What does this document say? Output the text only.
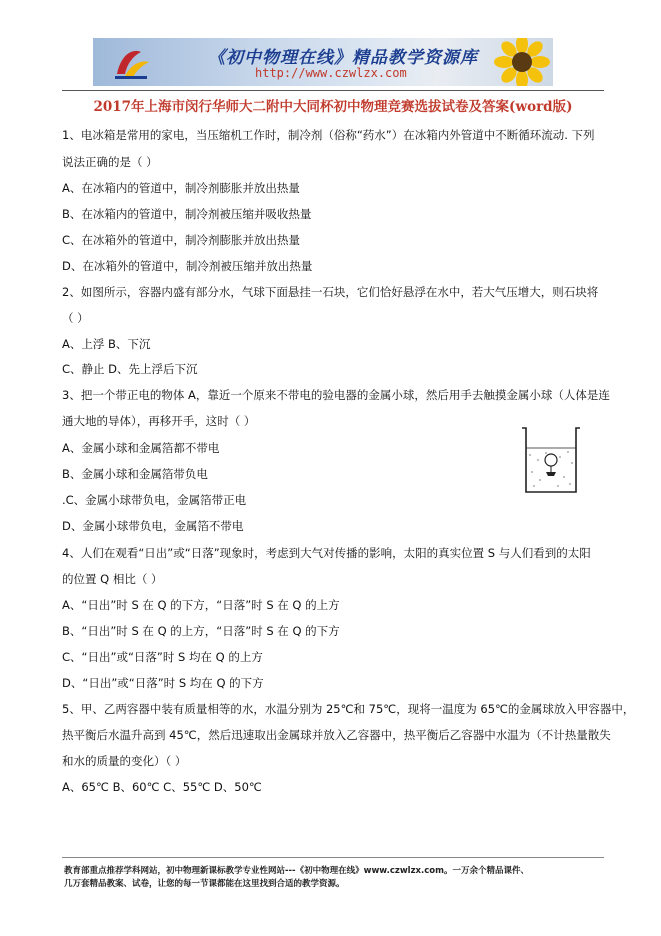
《初中物理在线》精品教学资源库
http://www.czwlzx.com
2017年上海市闵行华师大二附中大同杯初中物理竞赛选拔试卷及答案(word版)
1、电冰箱是常用的家电，当压缩机工作时，制冷剂（俗称“药水”）在冰箱内外管道中不断循环流动. 下列
说法正确的是（ ）
A、在冰箱内的管道中，制冷剂膨胀并放出热量
B、在冰箱内的管道中，制冷剂被压缩并吸收热量
C、在冰箱外的管道中，制冷剂膨胀并放出热量
D、在冰箱外的管道中，制冷剂被压缩并放出热量
2、如图所示，容器内盛有部分水，气球下面悬挂一石块，它们恰好悬浮在水中，若大气压增大，则石块将
（ ）
A、上浮 B、下沉
C、静止 D、先上浮后下沉
3、把一个带正电的物体 A，靠近一个原来不带电的验电器的金属小球，然后用手去触摸金属小球（人体是连
通大地的导体），再移开手，这时（ ）
A、金属小球和金属箔都不带电
B、金属小球和金属箔带负电
.C、金属小球带负电，金属箔带正电
D、金属小球带负电，金属箔不带电
4、人们在观看“日出”或“日落”现象时，考虑到大气对传播的影响，太阳的真实位置 S 与人们看到的太阳
的位置 Q 相比（ ）
A、“日出”时 S 在 Q 的下方，“日落”时 S 在 Q 的上方
B、“日出”时 S 在 Q 的上方，“日落”时 S 在 Q 的下方
C、“日出”或“日落”时 S 均在 Q 的上方
D、“日出”或“日落”时 S 均在 Q 的下方
5、甲、乙两容器中装有质量相等的水，水温分别为 25℃和 75℃，现将一温度为 65℃的金属球放入甲容器中，
热平衡后水温升高到 45℃，然后迅速取出金属球并放入乙容器中，热平衡后乙容器中水温为（不计热量散失
和水的质量的变化）（ ）
A、65℃ B、60℃ C、55℃ D、50℃
教育部重点推荐学科网站，初中物理新课标教学专业性网站---《初中物理在线》www.czwlzx.com。一万余个精品课件、
几万套精品教案、试卷，让您的每一节课都能在这里找到合适的教学资源。
